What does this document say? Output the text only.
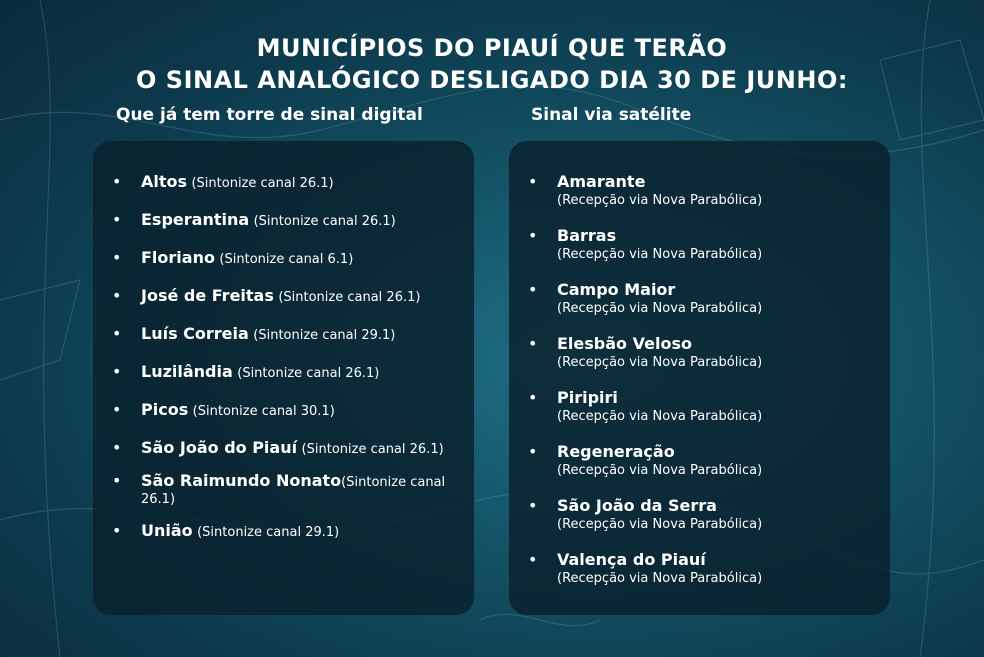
MUNICÍPIOS DO PIAUÍ QUE TERÃO
O SINAL ANALÓGICO DESLIGADO DIA 30 DE JUNHO:
Que já tem torre de sinal digital	Sinal via satélite
• Altos (Sintonize canal 26.1)
• Esperantina (Sintonize canal 26.1)
• Floriano (Sintonize canal 6.1)
• José de Freitas (Sintonize canal 26.1)
• Luís Correia (Sintonize canal 29.1)
• Luzilândia (Sintonize canal 26.1)
• Picos (Sintonize canal 30.1)
• São João do Piauí (Sintonize canal 26.1)
• São Raimundo Nonato(Sintonize canal 26.1)
• União (Sintonize canal 29.1)
• Amarante
(Recepção via Nova Parabólica)
• Barras
(Recepção via Nova Parabólica)
• Campo Maior
(Recepção via Nova Parabólica)
• Elesbão Veloso
(Recepção via Nova Parabólica)
• Piripiri
(Recepção via Nova Parabólica)
• Regeneração
(Recepção via Nova Parabólica)
• São João da Serra
(Recepção via Nova Parabólica)
• Valença do Piauí
(Recepção via Nova Parabólica)
